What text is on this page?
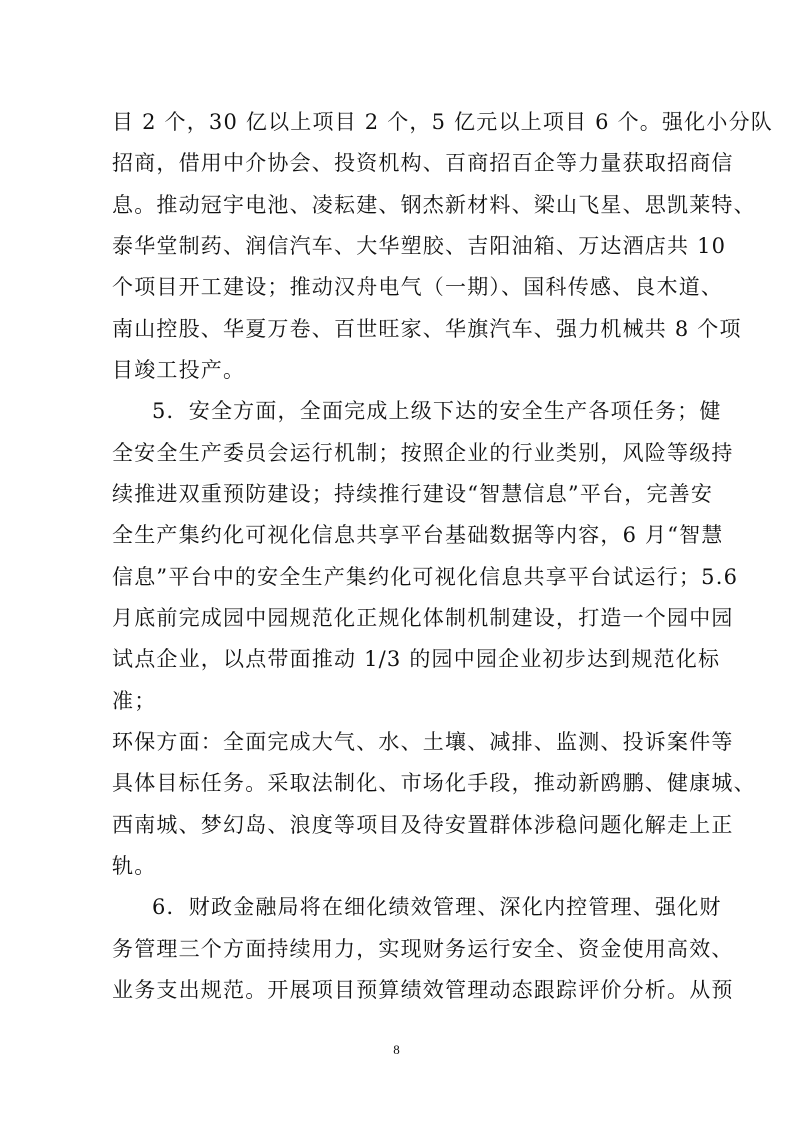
目 2 个，30 亿以上项目 2 个，5 亿元以上项目 6 个。强化小分队
招商，借用中介协会、投资机构、百商招百企等力量获取招商信
息。推动冠宇电池、凌耘建、钢杰新材料、梁山飞星、思凯莱特、
泰华堂制药、润信汽车、大华塑胶、吉阳油箱、万达酒店共 10
个项目开工建设；推动汉舟电气（一期）、国科传感、良木道、
南山控股、华夏万卷、百世旺家、华旗汽车、强力机械共 8 个项
目竣工投产。
5．安全方面，全面完成上级下达的安全生产各项任务；健
全安全生产委员会运行机制；按照企业的行业类别，风险等级持
续推进双重预防建设；持续推行建设“智慧信息”平台，完善安
全生产集约化可视化信息共享平台基础数据等内容，6 月“智慧
信息”平台中的安全生产集约化可视化信息共享平台试运行；5.6
月底前完成园中园规范化正规化体制机制建设，打造一个园中园
试点企业，以点带面推动 1/3 的园中园企业初步达到规范化标
准；
环保方面：全面完成大气、水、土壤、减排、监测、投诉案件等
具体目标任务。采取法制化、市场化手段，推动新鸥鹏、健康城、
西南城、梦幻岛、浪度等项目及待安置群体涉稳问题化解走上正
轨。
6．财政金融局将在细化绩效管理、深化内控管理、强化财
8
务管理三个方面持续用力，实现财务运行安全、资金使用高效、
业务支出规范。开展项目预算绩效管理动态跟踪评价分析。从预
